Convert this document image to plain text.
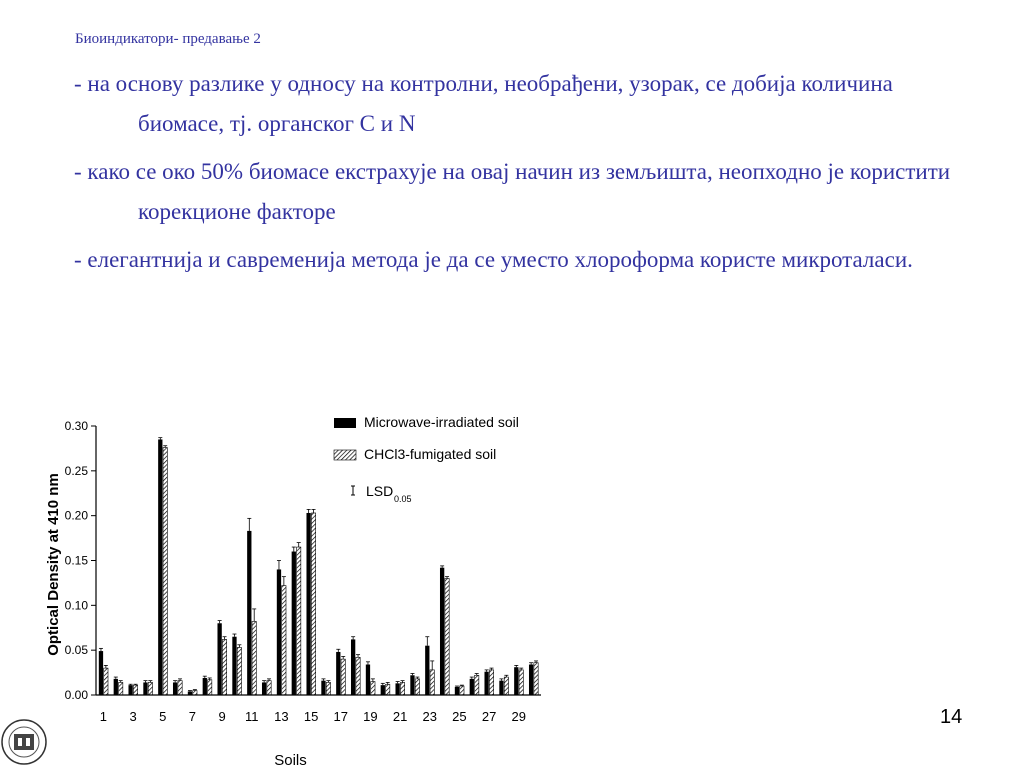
Биоиндикатори- предавање 2

- на основу разлике у односу на контролни, необрађени, узорак, се добија количина биомасе, тј. органског C и N

- како се око 50% биомасе екстрахује на овај начин из земљишта, неопходно је користити корекционе факторе

- елегантнија и савременија метода је да се уместо хлороформа користе микроталаси.

0.00
0.05
0.10
0.15
0.20
0.25
0.30
1 3 5 7 9 11 13 15 17 19 21 23 25 27 29
Soils
Optical Density at 410 nm
Microwave-irradiated soil
CHCl3-fumigated soil
LSD 0.05
14
